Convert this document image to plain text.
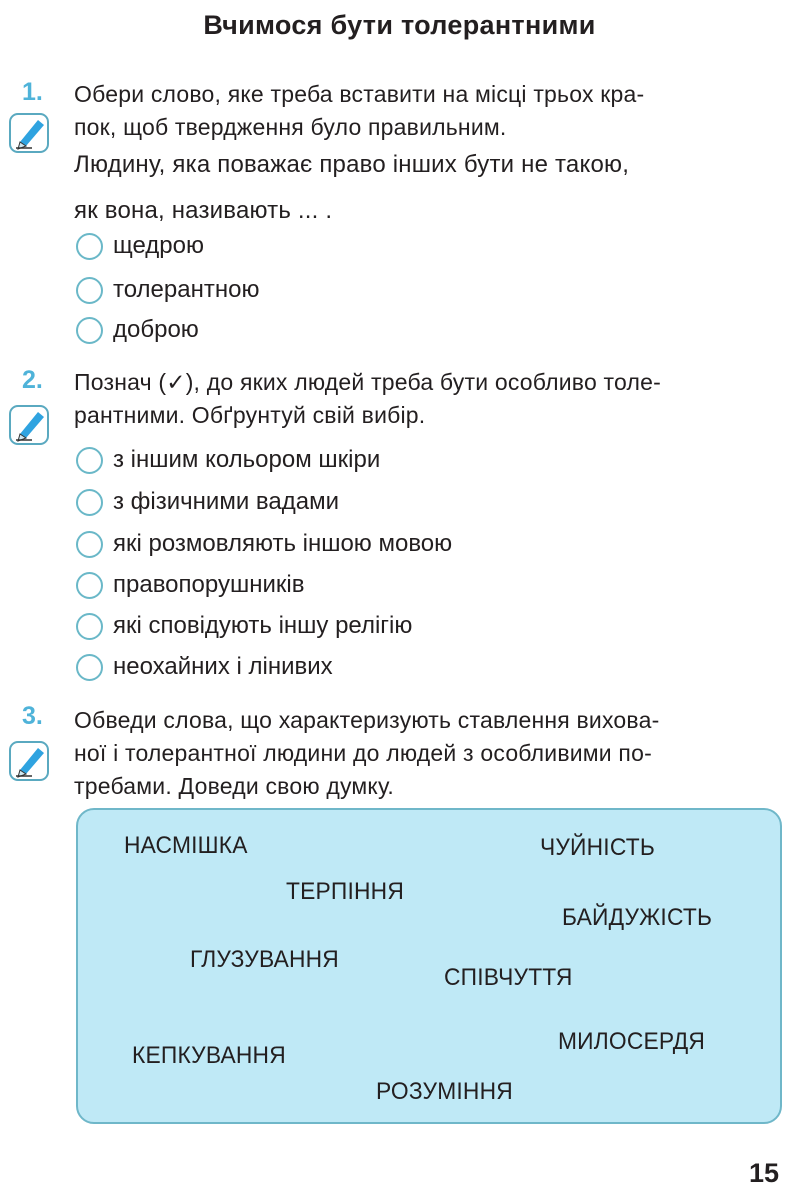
Вчимося бути толерантними
1. Обери слово, яке треба вставити на місці трьох кра-
пок, щоб твердження було правильним.
Людину, яка поважає право інших бути не такою,
як вона, називають ... .
щедрою
толерантною
доброю
2. Познач (✓), до яких людей треба бути особливо толе-
рантними. Обґрунтуй свій вибір.
з іншим кольором шкіри
з фізичними вадами
які розмовляють іншою мовою
правопорушників
які сповідують іншу релігію
неохайних і лінивих
3. Обведи слова, що характеризують ставлення вихова-
ної і толерантної людини до людей з особливими по-
требами. Доведи свою думку.
НАСМІШКА	ЧУЙНІСТЬ
ТЕРПІННЯ
БАЙДУЖІСТЬ
ГЛУЗУВАННЯ
СПІВЧУТТЯ
МИЛОСЕРДЯ
КЕПКУВАННЯ
РОЗУМІННЯ
15
